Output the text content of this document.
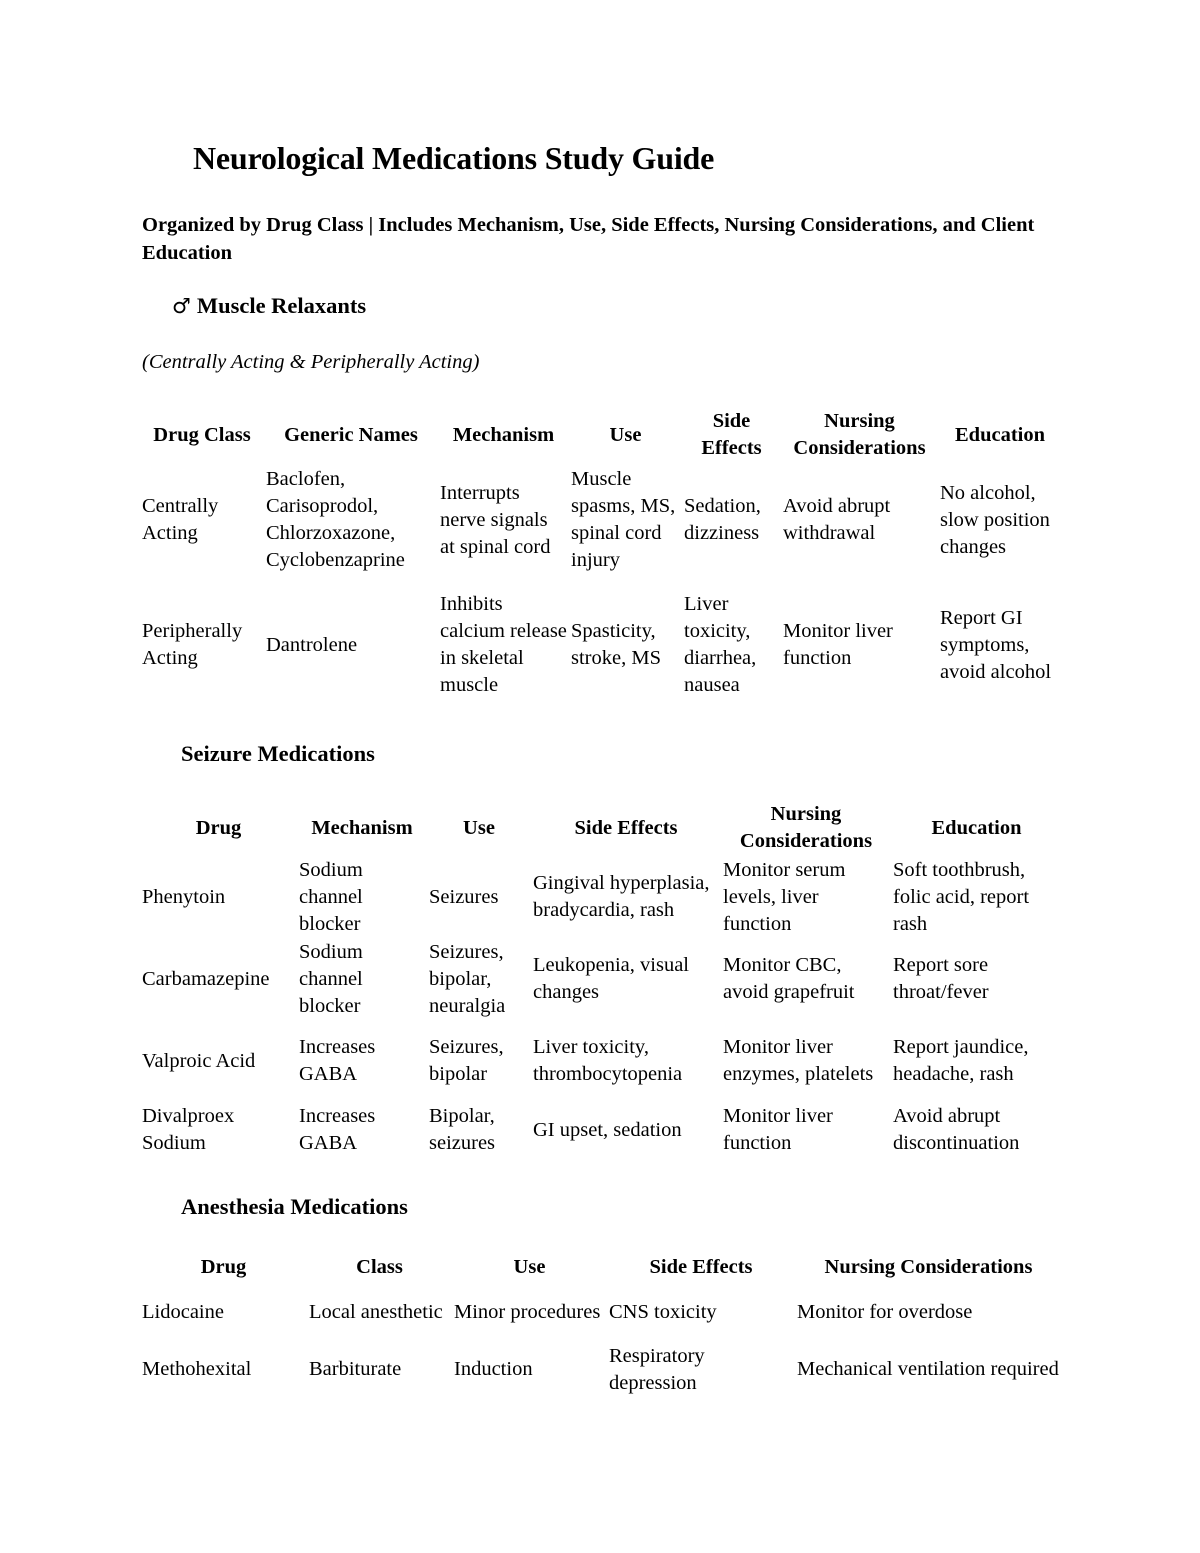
Neurological Medications Study Guide

Organized by Drug Class | Includes Mechanism, Use, Side Effects, Nursing Considerations, and Client Education

♂ Muscle Relaxants

(Centrally Acting & Peripherally Acting)

Drug Class	Generic Names	Mechanism	Use	Side Effects	Nursing Considerations	Education
Centrally Acting	Baclofen, Carisoprodol, Chlorzoxazone, Cyclobenzaprine	Interrupts nerve signals at spinal cord	Muscle spasms, MS, spinal cord injury	Sedation, dizziness	Avoid abrupt withdrawal	No alcohol, slow position changes
Peripherally Acting	Dantrolene	Inhibits calcium release in skeletal muscle	Spasticity, stroke, MS	Liver toxicity, diarrhea, nausea	Monitor liver function	Report GI symptoms, avoid alcohol
Seizure Medications
Drug	Mechanism	Use	Side Effects	Nursing Considerations	Education
Phenytoin	Sodium channel blocker	Seizures	Gingival hyperplasia, bradycardia, rash	Monitor serum levels, liver function	Soft toothbrush, folic acid, report rash
Carbamazepine	Sodium channel blocker	Seizures, bipolar, neuralgia	Leukopenia, visual changes	Monitor CBC, avoid grapefruit	Report sore throat/fever
Valproic Acid	Increases GABA	Seizures, bipolar	Liver toxicity, thrombocytopenia	Monitor liver enzymes, platelets	Report jaundice, headache, rash
Divalproex Sodium	Increases GABA	Bipolar, seizures	GI upset, sedation	Monitor liver function	Avoid abrupt discontinuation
Anesthesia Medications
Drug	Class	Use	Side Effects	Nursing Considerations
Lidocaine	Local anesthetic	Minor procedures	CNS toxicity	Monitor for overdose
Methohexital	Barbiturate	Induction	Respiratory depression	Mechanical ventilation required
